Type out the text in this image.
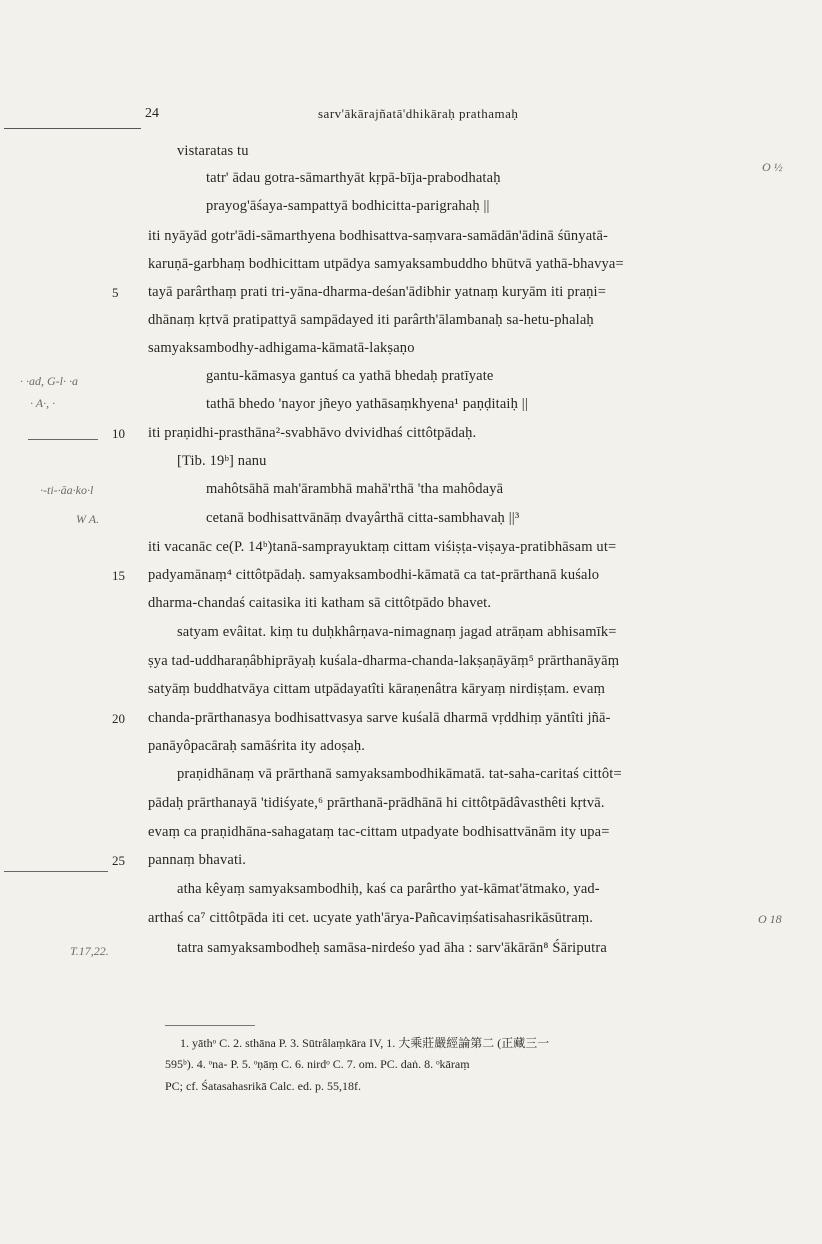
24	sarv'ākārajñatā'dhikāraḥ prathamaḥ
vistaratas tu
tatr' ādau gotra-sāmarthyāt kṛpā-bīja-prabodhataḥ
prayog'āśaya-sampattyā bodhicitta-parigrahaḥ ||
iti nyāyād gotr'ādi-sāmarthyena bodhisattva-saṃvara-samādān'ādinā śūnyatā-
karuṇā-garbhaṃ bodhicittam utpādya samyaksambuddho bhūtvā yathā-bhavya=
tayā parârthaṃ prati tri-yāna-dharma-deśan'ādibhir yatnaṃ kuryām iti praṇi=
dhānaṃ kṛtvā pratipattyā sampādayed iti parârth'ālambanaḥ sa-hetu-phalaḥ
samyaksambodhy-adhigama-kāmatā-lakṣaṇo
gantu-kāmasya gantuś ca yathā bhedaḥ pratīyate
tathā bhedo 'nayor jñeyo yathāsaṃkhyena¹ paṇḍitaiḥ ||
iti praṇidhi-prasthāna²-svabhāvo dvividhaś cittôtpādaḥ.
[Tib. 19ᵇ] nanu
mahôtsāhā mah'ārambhā mahā'rthā 'tha mahôdayā
cetanā bodhisattvānāṃ dvayârthā citta-sambhavaḥ ||³
iti vacanāc ce(P. 14ᵇ)tanā-samprayuktaṃ cittam viśiṣṭa-viṣaya-pratibhāsam ut=
padyamānaṃ⁴ cittôtpādaḥ. samyaksambodhi-kāmatā ca tat-prārthanā kuśalo
dharma-chandaś caitasika iti katham sā cittôtpādo bhavet.
satyam evâitat. kiṃ tu duḥkhârṇava-nimagnaṃ jagad atrāṇam abhisamīk=
ṣya tad-uddharaṇâbhiprāyaḥ kuśala-dharma-chanda-lakṣaṇāyāṃ⁵ prārthanāyāṃ
satyāṃ buddhatvāya cittam utpādayatîti kāraṇenâtra kāryaṃ nirdiṣṭam. evaṃ
chanda-prārthanasya bodhisattvasya sarve kuśalā dharmā vṛddhiṃ yāntîti jñā-
panāyôpacāraḥ samāśrita ity adoṣaḥ.
praṇidhānaṃ vā prārthanā samyaksambodhikāmatā. tat-saha-caritaś cittôt=
pādaḥ prārthanayā 'tidiśyate,⁶ prārthanā-prādhānā hi cittôtpādâvasthêti kṛtvā.
evaṃ ca praṇidhāna-sahagataṃ tac-cittam utpadyate bodhisattvānām ity upa=
pannaṃ bhavati.
atha kêyaṃ samyaksambodhiḥ, kaś ca parârtho yat-kāmat'ātmako, yad-
arthaś ca⁷ cittôtpāda iti cet. ucyate yath'ārya-Pañcaviṃśatisahasrikāsūtraṃ.
tatra samyaksambodheḥ samāsa-nirdeśo yad āha : sarv'ākārān⁸ Śāriputra
5
10
15
20
25
O ½
O 18
· ·ad, G-l· ·a
· A·, ·
·-ti-·āa·ko·l
W A.
T.17,22.
1. yāthᵒ C. 2. sthāna P. 3. Sūtrâlaṃkāra IV, 1. 大乘莊嚴經論第二 (正藏三一
595ᵇ). 4. ᵒna- P. 5. ᵒṇāṃ C. 6. nirdᵒ C. 7. om. PC. daṅ. 8. ᵒkāraṃ
PC; cf. Śatasahasrikā Calc. ed. p. 55,18f.
